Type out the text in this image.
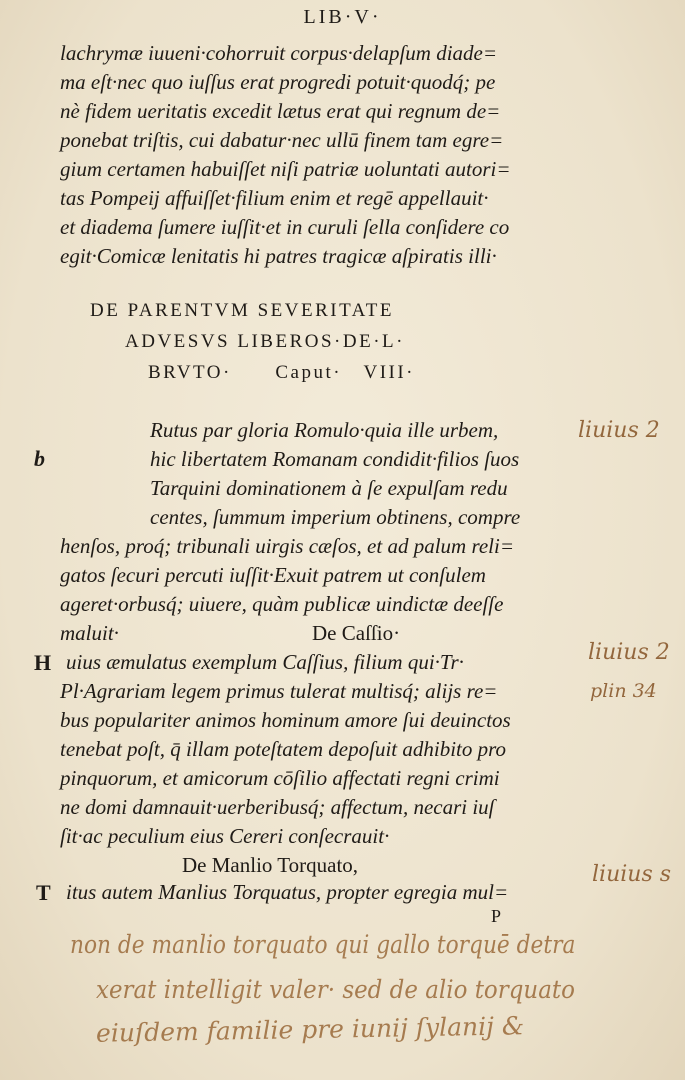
LIB·V·
lachrymæ iuueni·cohorruit corpus·delapſum diade=
ma eſt·nec quo iuſſus erat progredi potuit·quodq́; pe
nè fidem ueritatis excedit lætus erat qui regnum de=
ponebat triſtis, cui dabatur·nec ullū finem tam egre=
gium certamen habuiſſet niſi patriæ uoluntati autori=
tas Pompeij affuiſſet·filium enim et regē appellauit·
et diadema ſumere iuſſit·et in curuli ſella conſidere co
egit·Comicæ lenitatis hi patres tragicæ aſpiratis illi·
DE PARENTVM SEVERITATE
ADVESVS LIBEROS·DE·L·
BRVTO·      Caput·   VIII·
b
Rutus par gloria Romulo·quia ille urbem,
hic libertatem Romanam condidit·filios ſuos
Tarquini dominationem à ſe expulſam redu
centes, ſummum imperium obtinens, compre
henſos, proq́; tribunali uirgis cæſos, et ad palum reli=
gatos ſecuri percuti iuſſit·Exuit patrem ut conſulem
ageret·orbusq́; uiuere, quàm publicæ uindictæ deeſſe
maluit·	De Caſſio·
H uius æmulatus exemplum Caſſius, filium qui·Tr·
Pl·Agrariam legem primus tulerat multisq́; alijs re=
bus populariter animos hominum amore ſui deuinctos
tenebat poſt, q̄ illam poteſtatem depoſuit adhibito pro
pinquorum, et amicorum cōſilio affectati regni crimi
ne domi damnauit·uerberibusq́; affectum, necari iuſ
ſit·ac peculium eius Cereri conſecrauit·
De Manlio Torquato,
T itus autem Manlius Torquatus, propter egregia mul=
P
liuius 2
liuius 2
plin 34
liuius s
non de manlio torquato qui gallo torquē detra
xerat intelligit valer· sed de alio torquato
eiuſdem familie pre iunij ſylanij &
